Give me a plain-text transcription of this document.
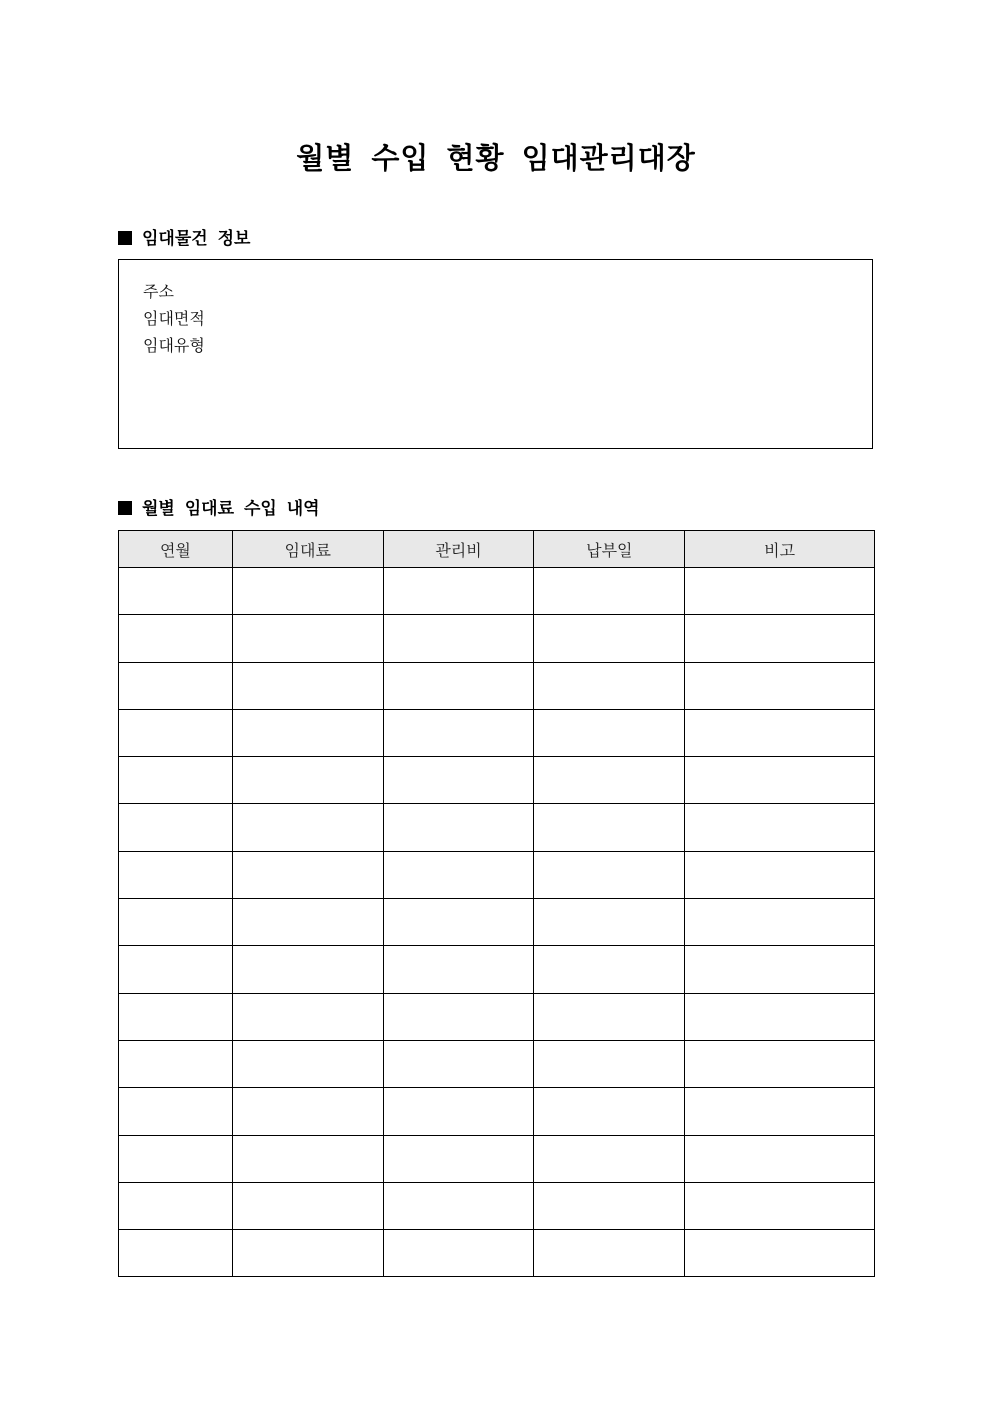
월별 수입 현황 임대관리대장
임대물건 정보
주소
임대면적
임대유형
월별 임대료 수입 내역
연월	임대료	관리비	납부일	비고
